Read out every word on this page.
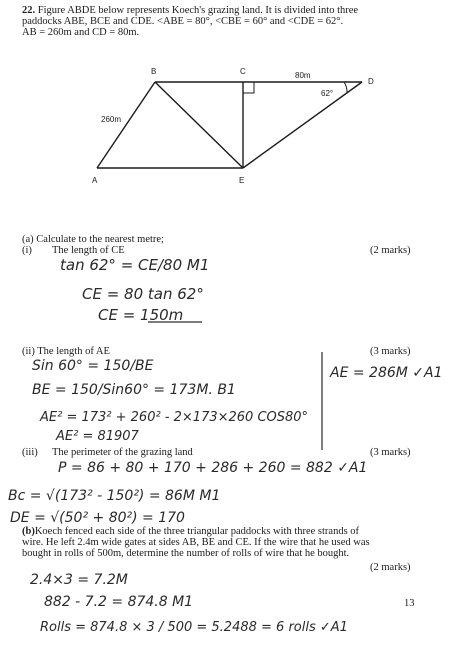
22. Figure ABDE below represents Koech's grazing land. It is divided into three
paddocks ABE, BCE and CDE. <ABE = 80°, <CBE = 60° and <CDE = 62°.
AB = 260m and CD = 80m.
B	C
D
A	E
260m
80m
62°
(a) Calculate to the nearest metre;
(i) The length of CE	(2 marks)
tan 62° = CE/80 M1
CE = 80 tan 62°
CE = 150m
(ii) The length of AE	(3 marks)
Sin 60° = 150/BE
BE = 150/Sin60° = 173M. B1
AE² = 173² + 260² - 2×173×260 COS80°
AE² = 81907
AE = 286M ✓A1
(iii) The perimeter of the grazing land	(3 marks)
P = 86 + 80 + 170 + 286 + 260 = 882 ✓A1
Bc = √(173² - 150²) = 86M M1
DE = √(50² + 80²) = 170
(b)Koech fenced each side of the three triangular paddocks with three strands of
wire. He left 2.4m wide gates at sides AB, BE and CE. If the wire that he used was
bought in rolls of 500m, determine the number of rolls of wire that he bought.
(2 marks)
2.4×3 = 7.2M
882 - 7.2 = 874.8 M1
Rolls = 874.8 × 3 / 500 = 5.2488 = 6 rolls ✓A1
13
